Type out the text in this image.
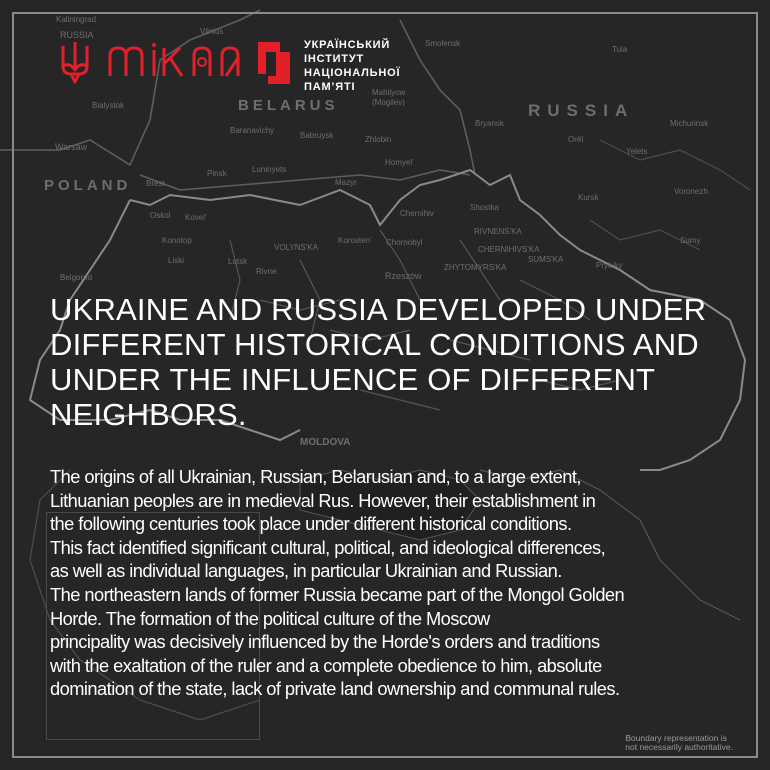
BELARUS
POLAND
RUSSIA
RUSSIA
MOLDOVA
Kaliningrad
Vilnius
Smolensk
Tula
Mahilyow
(Mogilev)
Bialystok
Baranavichy
Bryansk	Michurinsk
Warsaw
Babruysk	Zhlobin	Orël
Yelets
Homyel'
Pinsk	Luninyets
Mazyr
Brest
Kursk
Voronezh
Chernihiv
Shostka
Oskol Kovel'
RIVNENS'KA
Konotop
VOLYNS'KA
Korosten' Chornobyl
CHERNIHIVS'KA
SUMS'KA
Sumy
Liski	Lutsk
Rivne	ZHYTOMYRS'KA	Pryluky
Belgorod	Rzeszów
УКРАЇНСЬКИЙ
ІНСТИТУТ
НАЦІОНАЛЬНОЇ
ПАМ’ЯТІ
UKRAINE AND RUSSIA DEVELOPED UNDER DIFFERENT HISTORICAL CONDITIONS AND UNDER THE INFLUENCE OF DIFFERENT NEIGHBORS.

The origins of all Ukrainian, Russian, Belarusian and, to a large extent,
Lithuanian peoples are in medieval Rus. However, their establishment in
the following centuries took place under different historical conditions.
This fact identified significant cultural, political, and ideological differences,
as well as individual languages, in particular Ukrainian and Russian.
The northeastern lands of former Russia became part of the Mongol Golden
Horde. The formation of the political culture of the Moscow
principality was decisively influenced by the Horde's orders and traditions
with the exaltation of the ruler and a complete obedience to him, absolute
domination of the state, lack of private land ownership and communal rules.

Boundary representation is
not necessarily authoritative.
